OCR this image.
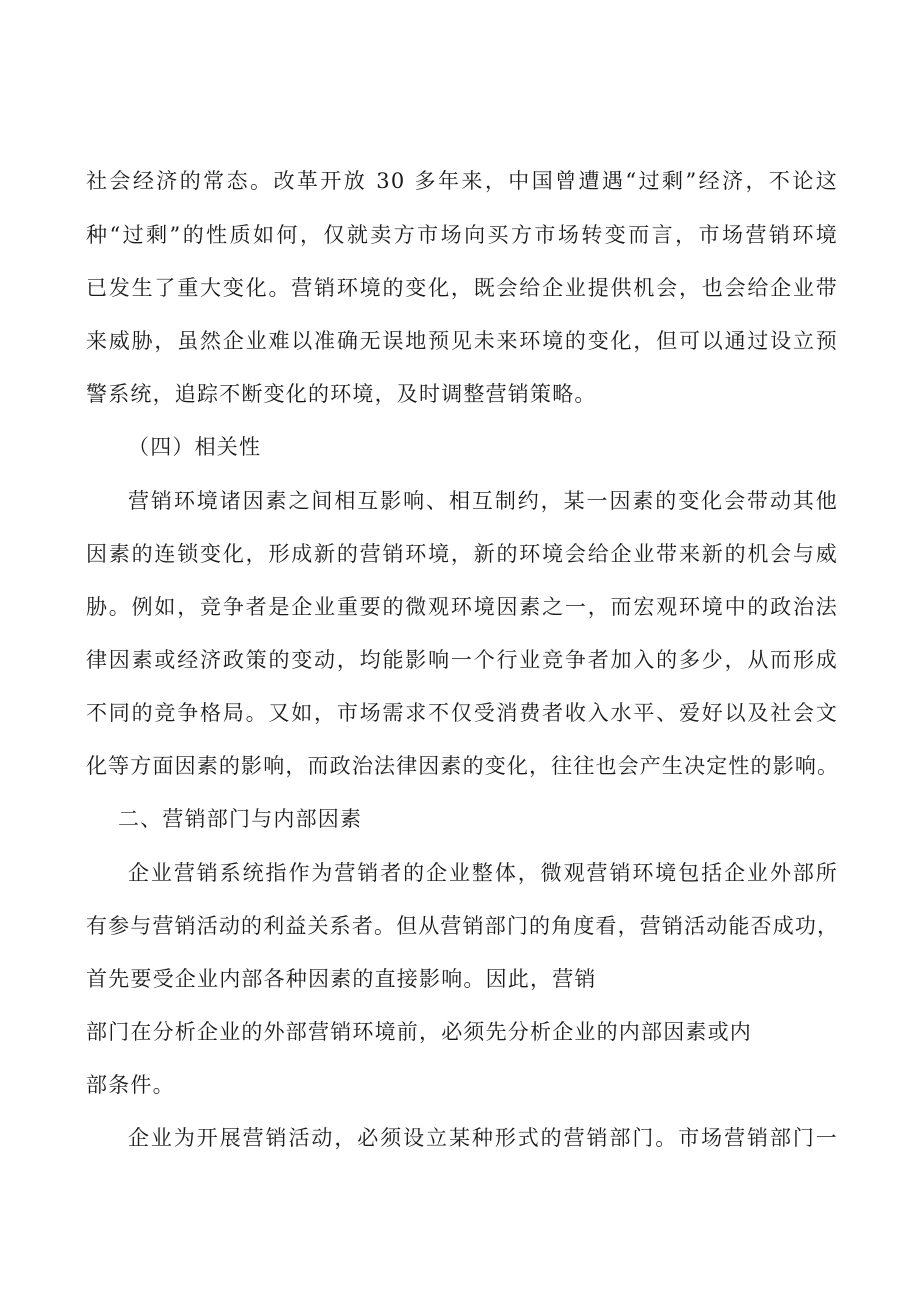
社会经济的常态。改革开放 30 多年来，中国曾遭遇“过剩”经济，不论这
种“过剩”的性质如何，仅就卖方市场向买方市场转变而言，市场营销环境
已发生了重大变化。营销环境的变化，既会给企业提供机会，也会给企业带
来威胁，虽然企业难以准确无误地预见未来环境的变化，但可以通过设立预
警系统，追踪不断变化的环境，及时调整营销策略。
（四）相关性
营销环境诸因素之间相互影响、相互制约，某一因素的变化会带动其他
因素的连锁变化，形成新的营销环境，新的环境会给企业带来新的机会与威
胁。例如，竞争者是企业重要的微观环境因素之一，而宏观环境中的政治法
律因素或经济政策的变动，均能影响一个行业竞争者加入的多少，从而形成
不同的竞争格局。又如，市场需求不仅受消费者收入水平、爱好以及社会文
化等方面因素的影响，而政治法律因素的变化，往往也会产生决定性的影响。
二、营销部门与内部因素
企业营销系统指作为营销者的企业整体，微观营销环境包括企业外部所
有参与营销活动的利益关系者。但从营销部门的角度看，营销活动能否成功，
首先要受企业内部各种因素的直接影响。因此，营销
部门在分析企业的外部营销环境前，必须先分析企业的内部因素或内
部条件。
企业为开展营销活动，必须设立某种形式的营销部门。市场营销部门一
